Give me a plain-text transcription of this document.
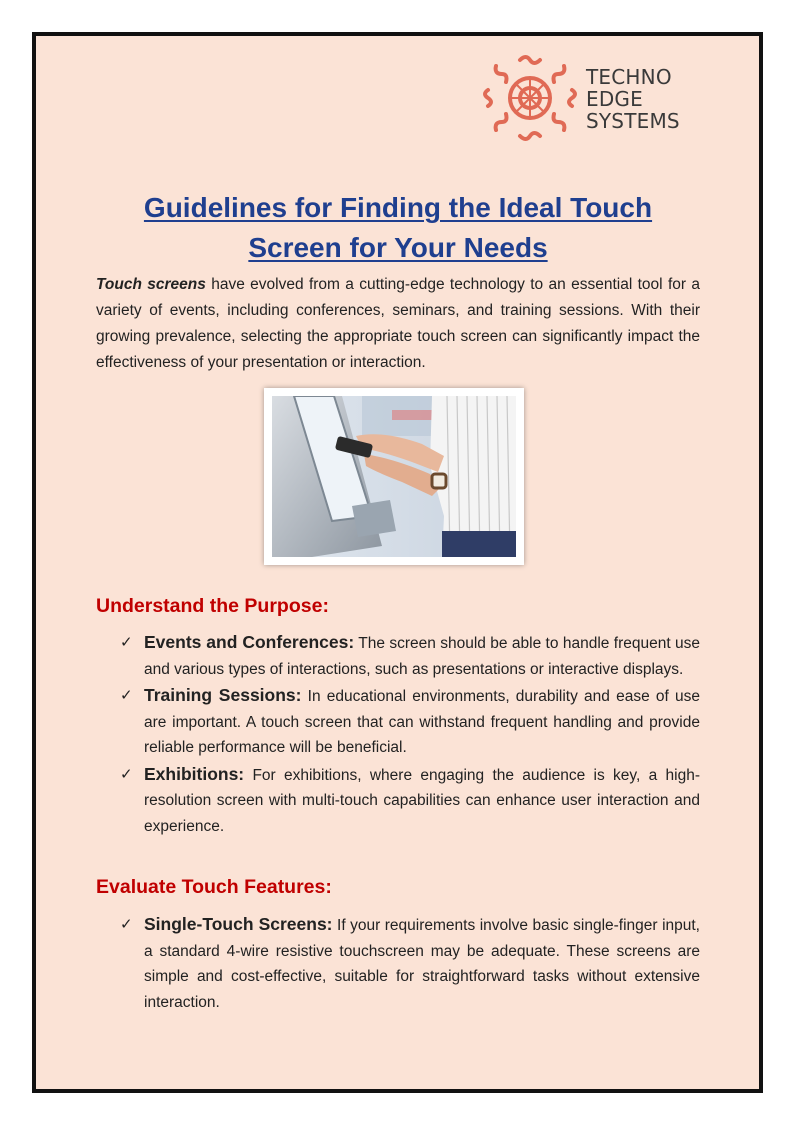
TECHNO
EDGE
SYSTEMS
Guidelines for Finding the Ideal Touch Screen for Your Needs

Touch screens have evolved from a cutting-edge technology to an essential tool for a variety of events, including conferences, seminars, and training sessions. With their growing prevalence, selecting the appropriate touch screen can significantly impact the effectiveness of your presentation or interaction.

Understand the Purpose:
✓ Events and Conferences: The screen should be able to handle frequent use and various types of interactions, such as presentations or interactive displays.
✓ Training Sessions: In educational environments, durability and ease of use are important. A touch screen that can withstand frequent handling and provide reliable performance will be beneficial.
✓ Exhibitions: For exhibitions, where engaging the audience is key, a high-resolution screen with multi-touch capabilities can enhance user interaction and experience.
Evaluate Touch Features:
✓ Single-Touch Screens: If your requirements involve basic single-finger input, a standard 4-wire resistive touchscreen may be adequate. These screens are simple and cost-effective, suitable for straightforward tasks without extensive interaction.
